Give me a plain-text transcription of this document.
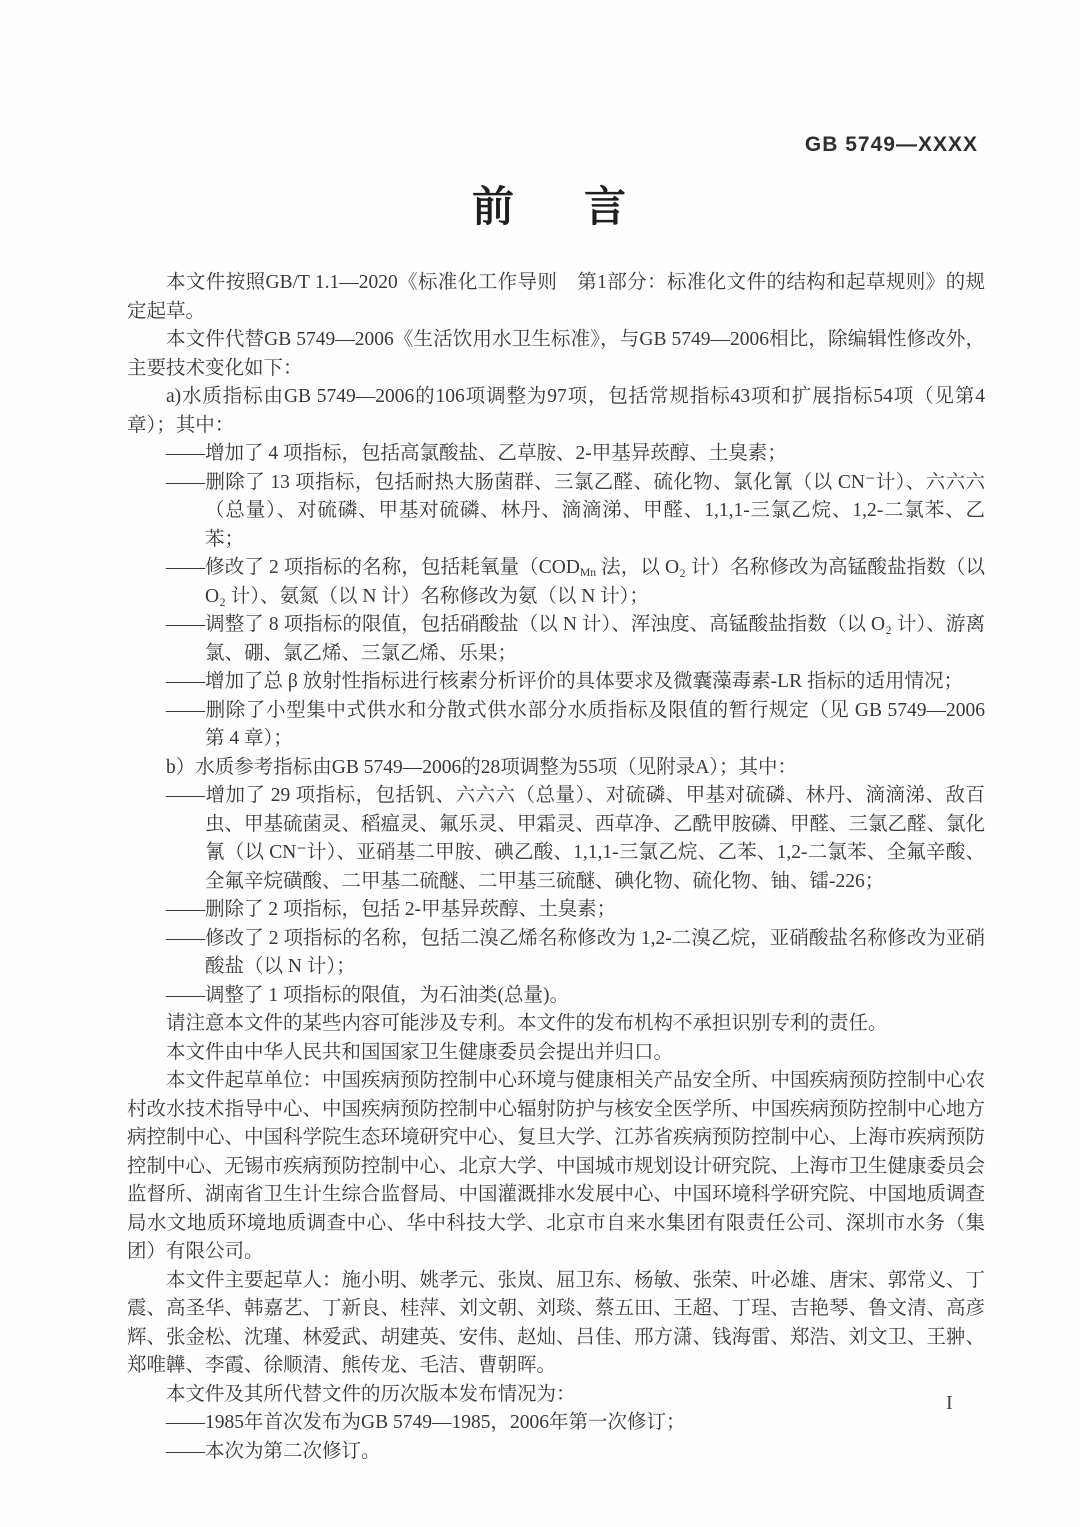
GB 5749—XXXX
前　言

本文件按照GB/T 1.1—2020《标准化工作导则　第1部分：标准化文件的结构和起草规则》的规定起草。

本文件代替GB 5749—2006《生活饮用水卫生标准》，与GB 5749—2006相比，除编辑性修改外，主要技术变化如下：

a)水质指标由GB 5749—2006的106项调整为97项，包括常规指标43项和扩展指标54项（见第4章）；其中：

——增加了 4 项指标，包括高氯酸盐、乙草胺、2-甲基异莰醇、土臭素；

——删除了 13 项指标，包括耐热大肠菌群、三氯乙醛、硫化物、氯化氰（以 CN⁻计）、六六六（总量）、对硫磷、甲基对硫磷、林丹、滴滴涕、甲醛、1,1,1-三氯乙烷、1,2-二氯苯、乙苯；

——修改了 2 项指标的名称，包括耗氧量（$COD_{Mn}$ 法，以 O₂ 计）名称修改为高锰酸盐指数（以 O₂ 计）、氨氮（以 N 计）名称修改为氨（以 N 计）；

——调整了 8 项指标的限值，包括硝酸盐（以 N 计）、浑浊度、高锰酸盐指数（以 O₂ 计）、游离氯、硼、氯乙烯、三氯乙烯、乐果；

——增加了总 β 放射性指标进行核素分析评价的具体要求及微囊藻毒素-LR 指标的适用情况；

——删除了小型集中式供水和分散式供水部分水质指标及限值的暂行规定（见 GB 5749—2006 第 4 章）；

b）水质参考指标由GB 5749—2006的28项调整为55项（见附录A）；其中：

——增加了 29 项指标，包括钒、六六六（总量）、对硫磷、甲基对硫磷、林丹、滴滴涕、敌百虫、甲基硫菌灵、稻瘟灵、氟乐灵、甲霜灵、西草净、乙酰甲胺磷、甲醛、三氯乙醛、氯化氰（以 CN⁻计）、亚硝基二甲胺、碘乙酸、1,1,1-三氯乙烷、乙苯、1,2-二氯苯、全氟辛酸、全氟辛烷磺酸、二甲基二硫醚、二甲基三硫醚、碘化物、硫化物、铀、镭-226；

——删除了 2 项指标，包括 2-甲基异莰醇、土臭素；

——修改了 2 项指标的名称，包括二溴乙烯名称修改为 1,2-二溴乙烷，亚硝酸盐名称修改为亚硝酸盐（以 N 计）；

——调整了 1 项指标的限值，为石油类(总量)。

请注意本文件的某些内容可能涉及专利。本文件的发布机构不承担识别专利的责任。

本文件由中华人民共和国国家卫生健康委员会提出并归口。

本文件起草单位：中国疾病预防控制中心环境与健康相关产品安全所、中国疾病预防控制中心农村改水技术指导中心、中国疾病预防控制中心辐射防护与核安全医学所、中国疾病预防控制中心地方病控制中心、中国科学院生态环境研究中心、复旦大学、江苏省疾病预防控制中心、上海市疾病预防控制中心、无锡市疾病预防控制中心、北京大学、中国城市规划设计研究院、上海市卫生健康委员会监督所、湖南省卫生计生综合监督局、中国灌溉排水发展中心、中国环境科学研究院、中国地质调查局水文地质环境地质调查中心、华中科技大学、北京市自来水集团有限责任公司、深圳市水务（集团）有限公司。

本文件主要起草人：施小明、姚孝元、张岚、屈卫东、杨敏、张荣、叶必雄、唐宋、郭常义、丁震、高圣华、韩嘉艺、丁新良、桂萍、刘文朝、刘琰、蔡五田、王超、丁珵、吉艳琴、鲁文清、高彦辉、张金松、沈瑾、林爱武、胡建英、安伟、赵灿、吕佳、邢方潇、钱海雷、郑浩、刘文卫、王翀、郑唯韡、李霞、徐顺清、熊传龙、毛洁、曹朝晖。

本文件及其所代替文件的历次版本发布情况为：

——1985年首次发布为GB 5749—1985，2006年第一次修订；

——本次为第二次修订。

I
